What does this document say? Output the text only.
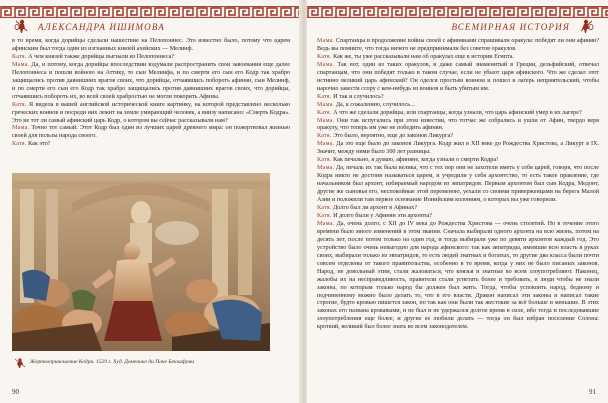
АЛЕКСАНДРА ИШИМОВА

в то время, когда дорийцы сделали нашествие на Пелопоннес. Это известно было, потому что царем афинским был тогда один из изгнанных князей ахейских — Мелинф.

Катя. А чем князей также дорийцы выгнали из Пелопоннеса?

Мама. Да, и потому, когда дорийцы впоследствии вздумали распространить свои завоевания еще далее Пелопоннеса и пошли войною на Аттику, то сын Мелинфа, и по смерти его сын его Кодр так храбро защищались против давнишних врагов своих, что дорийцы, отчаявшись побороть афинян, сын Мелинф, и по смерти его сын его Кодр так храбро защищались против давнишних врагов своих, что дорийцы, отчаявшись побороть их, во всей своей храбростью не могли покорить Афины.

Катя. Я видела в вашей английской исторической книге картинку, на которой представлено несколько греческих воинов и посреди них лежит на земле умирающий человек, а внизу написано: «Смерть Кодра». Это не тот ли самый афинский царь Кодр, о котором вы сейчас рассказывали нам?

Мама. Точно тот самый. Этот Кодр был один из лучших царей древнего мира: он пожертвовал жизнью своей для пользы народа своего.

Катя. Как это?

Жертвоприношение Кодра. 1529 г. Худ. Доменико ди Паче Беккафуми
90
ВСЕМИРНАЯ ИСТОРИЯ

Мама. Спартанцы в продолжение войны своей с афинянами спрашивали оракула: победят ли они афинян? Ведь вы помните, что тогда ничего не предпринимали без советов оракулов.

Катя. Как же, ты уже рассказывали нам об оракулах еще в истории Египта.

Мама. Так вот, один из таких оракулов, и даже самый знаменитый в Греции, дельфийский, отвечал спартанцам, что они победят только в таком случае, если не убьют царя афинского. Что же сделал этот истинно великий царь афинский? Он оделся простым воином и пошел в лагерь неприятельский, чтобы нарочно завести ссору с кем-нибудь из воинов и быть убитым им.

Катя. И так и случилось?

Мама. Да, к сожалению, случилось...

Катя. А что же сделали дорийцы, или спартанцы, когда узнали, что царь афинский умер в их лагере?

Мама. Они так испугались при этом известии, что тотчас же собрались и ушли от Афин, твердо веря оракулу, что теперь им уже не победить афинян.

Катя. Это было, вероятно, еще до законов Ликурга?

Мама. Да это еще было до законов Ликурга. Кодр жил в XII веке до Рождества Христова, а Ликург в IX. Значит, между ними было 300 лет разницы.

Катя. Как печально, я думаю, афиняне, когда узнали о смерти Кодра!

Мама. Да, печаль их так была велика, что с тех пор они не захотели иметь у себя царей, говоря, что после Кодра никто не достоин называться царем, и учредили у себя архонтство, то есть такое правление, где начальником был архонт, избираемый народом из эвпатридов. Первым архонтом был сын Кодра, Медонт, другие же сыновья его, неспокойные этой переменою, уехали со своими приверженцами на берега Малой Азии и положили там первое основание Ионийским колониям, о которых вы уже говорили.

Катя. Долго был ли архонт в Афинах?

Катя. И долго были у Афинян эти архонты?

Мама. Да, очень долго; с XII до IV века до Рождества Христова — очень столетий. Но в течение этого времени было много изменений в этом звании. Сначала выбирали одного архонта на всю жизнь, потом на десять лет, после потом только на один год, и тогда выбирали уже по девяти архонтов каждый год. Это устройство было очень невыгодно для народа афинского: так как эвпатриды, имевшие всю власть в руках своих, выбирали только из эвпатридов, то есть людей знатных и богатых, то другие два класса были почти совсем отделены от такого правительства, особенно в то время, когда у них не было писаных законов. Народ, не довольный этим, стали жаловаться, что князья и знатные во всем злоупотребляют. Наконец, жалобы их на несправедливость, правители стали угнетать более и требовать, и люди чтобы не знали законы, по которым только народ бы должен был жить. Тогда, чтобы успокоить народ, бедному и подчиненному можно было делать то, что в его власти. Дракон написал эти законы и написал такие строгие, будто кровью пишется закон, но так как они были так жестокие за всё больше и меньшие. В этих законах его названа кровавыми, и не был и не удержался долгое время в силе, ибо тогда и последовавшие злоупотребления еще более, и другие ее любили делать — тогда он был избран поселение Солона: кроткий, великий был более знать во всем законодателем.

91
